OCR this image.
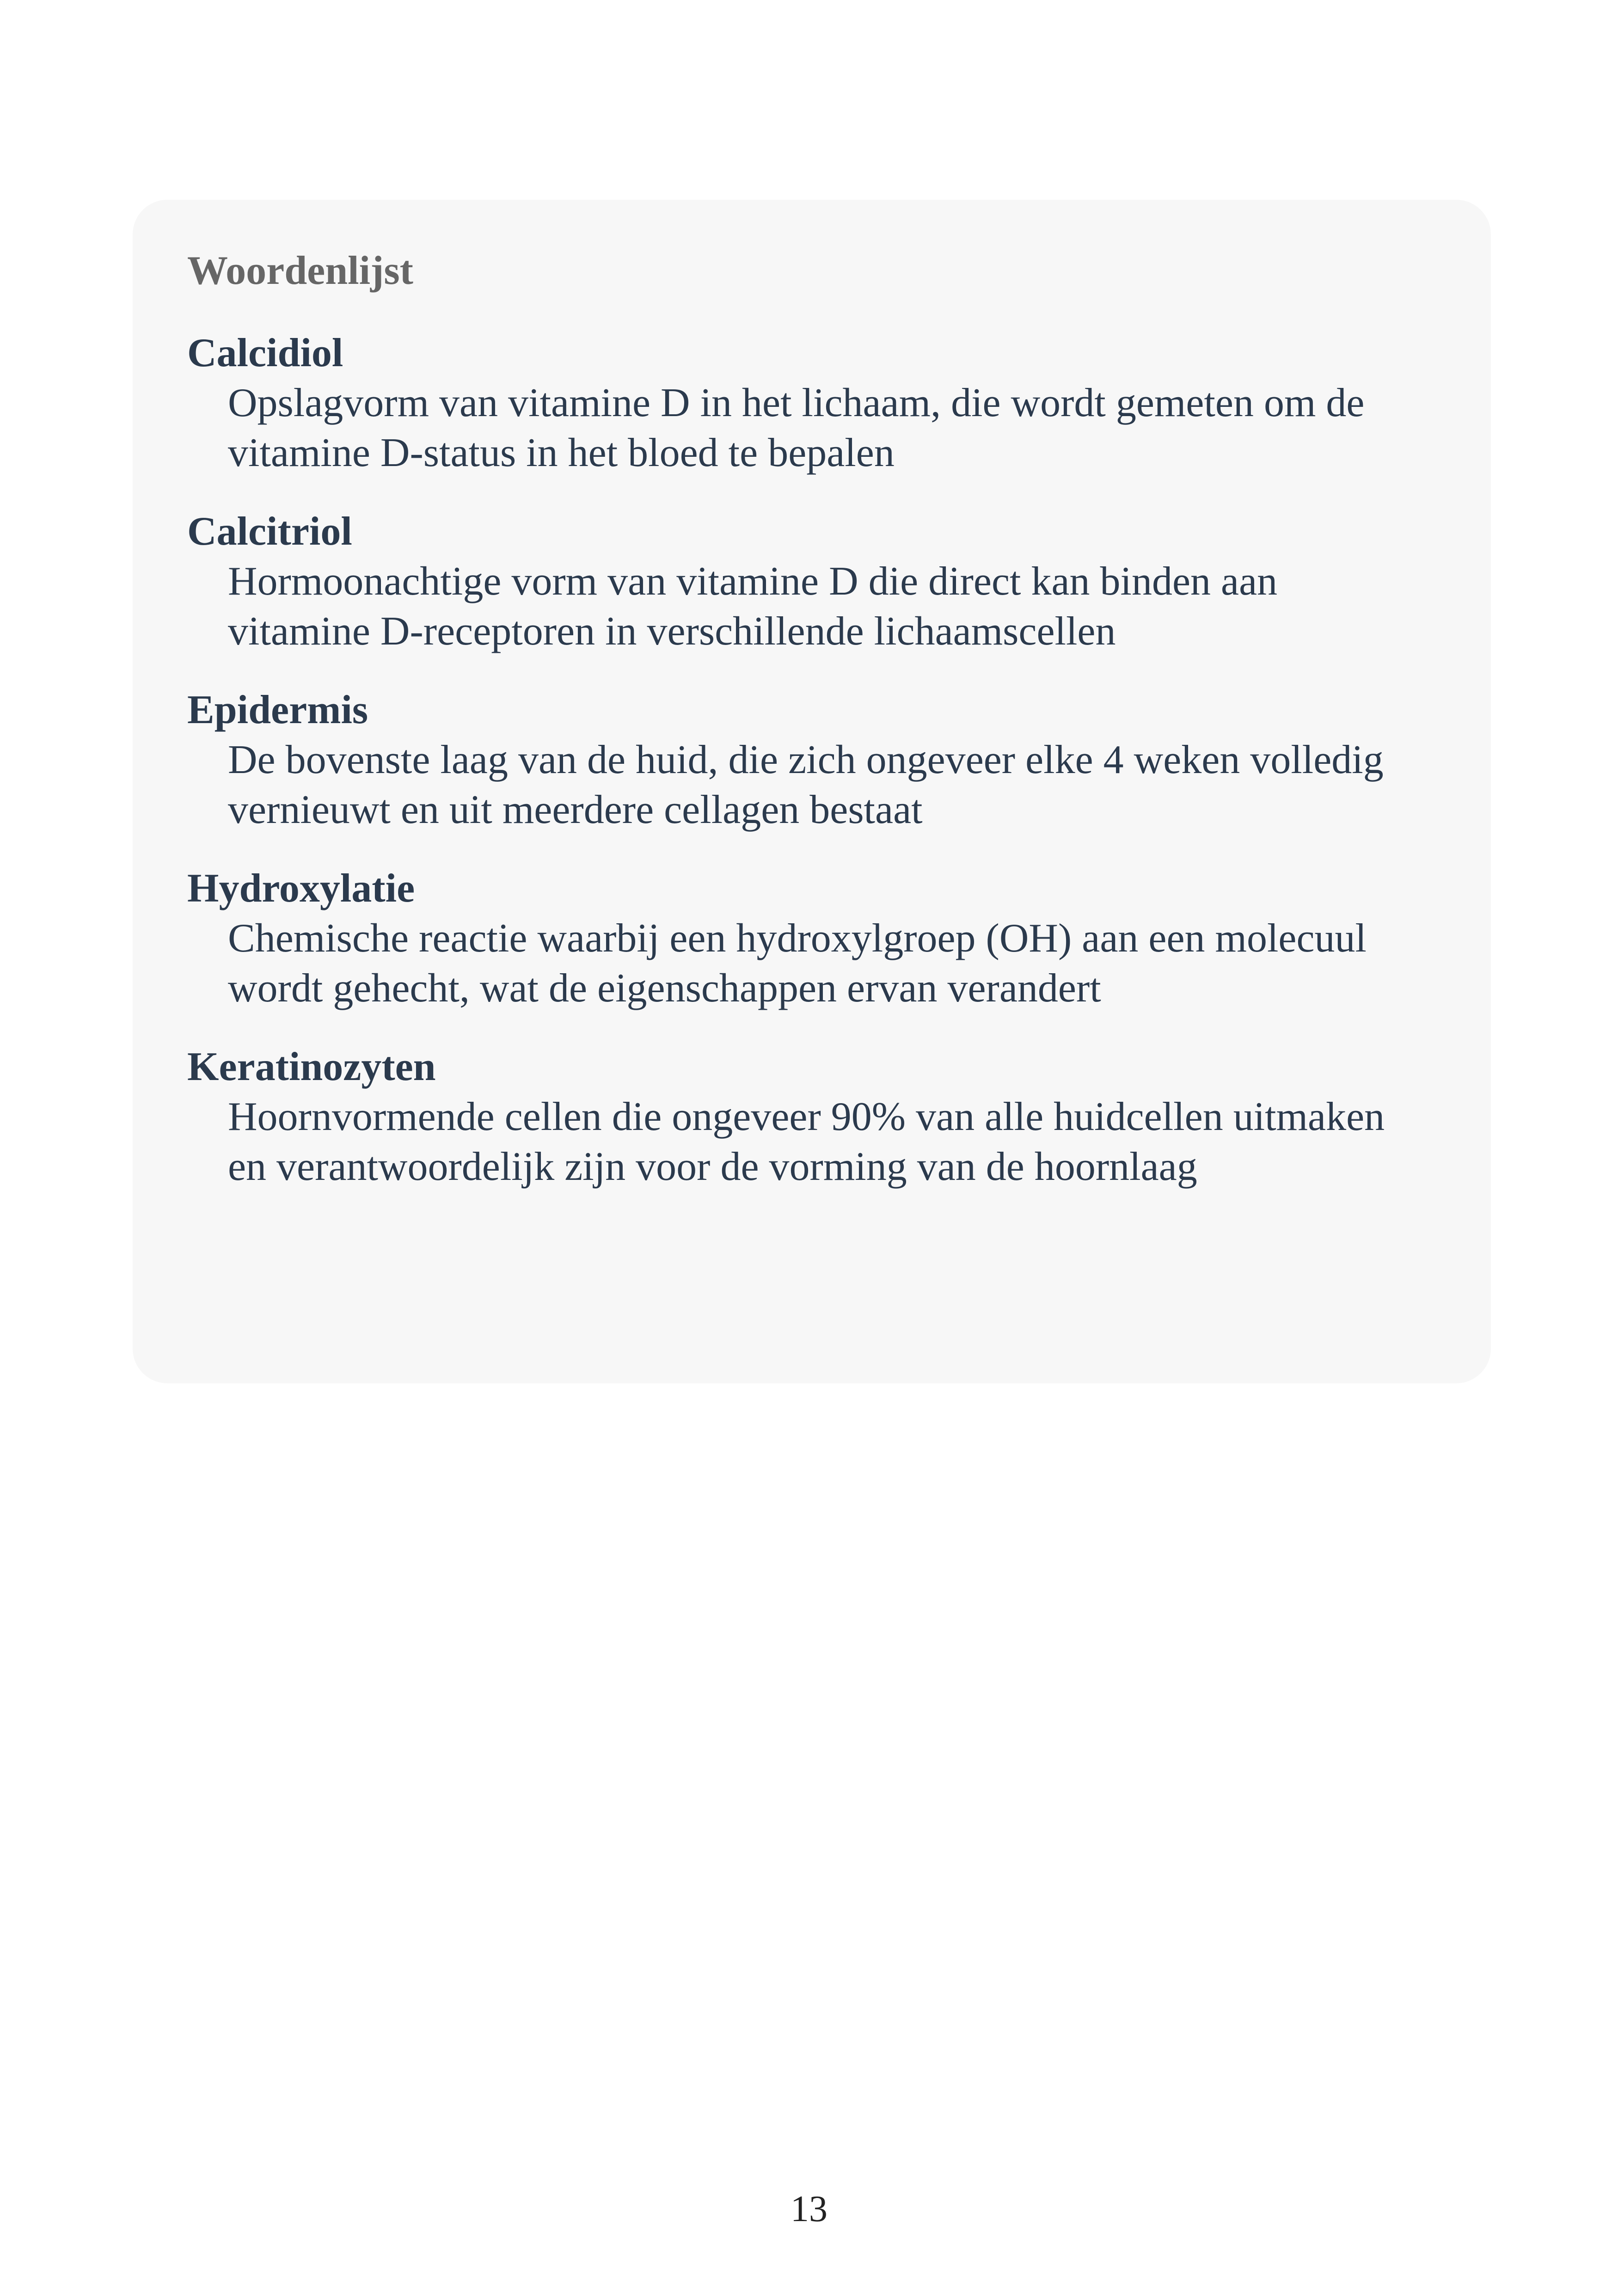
Woordenlijst
Calcidiol
Opslagvorm van vitamine D in het lichaam, die wordt gemeten om de vitamine D-status in het bloed te bepalen
Calcitriol
Hormoonachtige vorm van vitamine D die direct kan binden aan vitamine D-receptoren in verschillende lichaamscellen
Epidermis
De bovenste laag van de huid, die zich ongeveer elke 4 weken volledig vernieuwt en uit meerdere cellagen bestaat
Hydroxylatie
Chemische reactie waarbij een hydroxylgroep (OH) aan een molecuul wordt gehecht, wat de eigenschappen ervan verandert
Keratinozyten
Hoornvormende cellen die ongeveer 90% van alle huidcellen uitmaken en verantwoordelijk zijn voor de vorming van de hoornlaag
13
